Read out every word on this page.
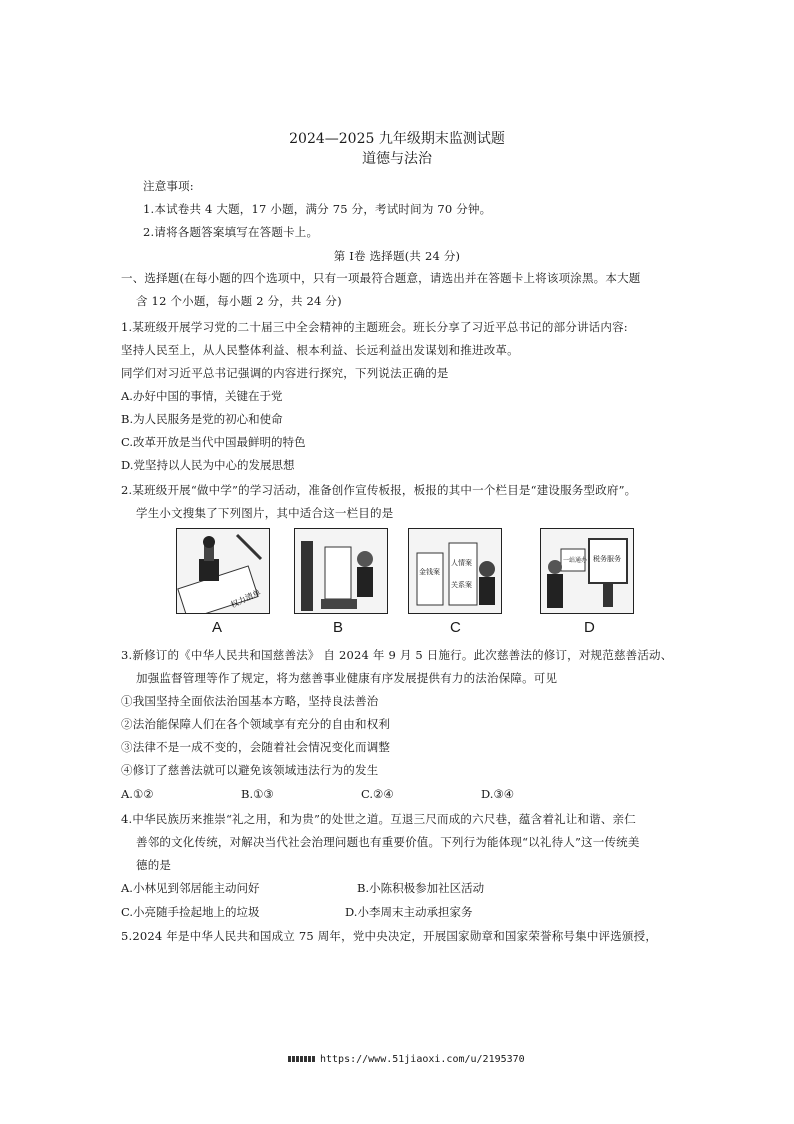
2024—2025 九年级期末监测试题
道德与法治
注意事项:
1.本试卷共 4 大题，17 小题，满分 75 分，考试时间为 70 分钟。
2.请将各题答案填写在答题卡上。
第 Ⅰ卷 选择题(共 24 分)
一、选择题(在每小题的四个选项中，只有一项最符合题意，请选出并在答题卡上将该项涂黑。本大题
含 12 个小题，每小题 2 分，共 24 分)
1.某班级开展学习党的二十届三中全会精神的主题班会。班长分享了习近平总书记的部分讲话内容:
坚持人民至上，从人民整体利益、根本利益、长远利益出发谋划和推进改革。
同学们对习近平总书记强调的内容进行探究，下列说法正确的是
A.办好中国的事情，关键在于党
B.为人民服务是党的初心和使命
C.改革开放是当代中国最鲜明的特色
D.党坚持以人民为中心的发展思想
2.某班级开展“做中学”的学习活动，准备创作宣传板报，板报的其中一个栏目是“建设服务型政府”。
学生小文搜集了下列图片，其中适合这一栏目的是
权力清单
金钱案
人情案
关系案
一站通办 税务服务
A	B	C	D
3.新修订的《中华人民共和国慈善法》 自 2024 年 9 月 5 日施行。此次慈善法的修订，对规范慈善活动、
加强监督管理等作了规定，将为慈善事业健康有序发展提供有力的法治保障。可见
①我国坚持全面依法治国基本方略，坚持良法善治
②法治能保障人们在各个领域享有充分的自由和权利
③法律不是一成不变的，会随着社会情况变化而调整
④修订了慈善法就可以避免该领域违法行为的发生
A.①②	B.①③	C.②④	D.③④
4.中华民族历来推崇“礼之用，和为贵”的处世之道。互退三尺而成的六尺巷，蕴含着礼让和谐、亲仁
善邻的文化传统，对解决当代社会治理问题也有重要价值。下列行为能体现“以礼待人”这一传统美
德的是
A.小林见到邻居能主动问好	B.小陈积极参加社区活动
C.小亮随手捡起地上的垃圾	D.小李周末主动承担家务
5.2024 年是中华人民共和国成立 75 周年，党中央决定，开展国家勋章和国家荣誉称号集中评选颁授，
https://www.51jiaoxi.com/u/2195370
